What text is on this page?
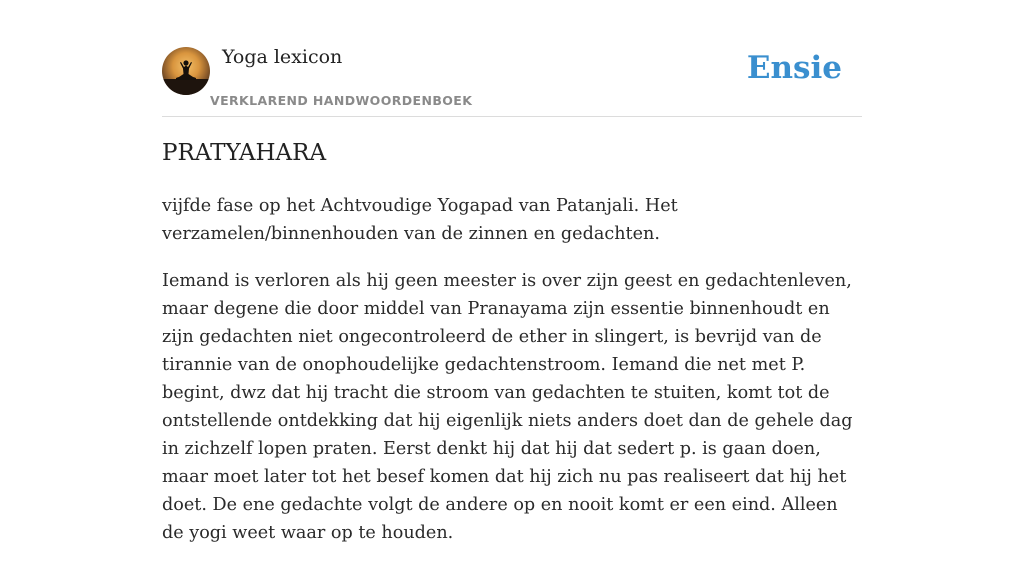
Yoga lexicon
VERKLAREND HANDWOORDENBOEK
Ensie
PRATYAHARA

vijfde fase op het Achtvoudige Yogapad van Patanjali. Het verzamelen/binnenhouden van de zinnen en gedachten.

Iemand is verloren als hij geen meester is over zijn geest en gedachtenleven, maar degene die door middel van Pranayama zijn essentie binnenhoudt en zijn gedachten niet ongecontroleerd de ether in slingert, is bevrijd van de tirannie van de onophoudelijke gedachtenstroom. Iemand die net met P. begint, dwz dat hij tracht die stroom van gedachten te stuiten, komt tot de ontstellende ontdekking dat hij eigenlijk niets anders doet dan de gehele dag in zichzelf lopen praten. Eerst denkt hij dat hij dat sedert p. is gaan doen, maar moet later tot het besef komen dat hij zich nu pas realiseert dat hij het doet. De ene gedachte volgt de andere op en nooit komt er een eind. Alleen de yogi weet waar op te houden.
